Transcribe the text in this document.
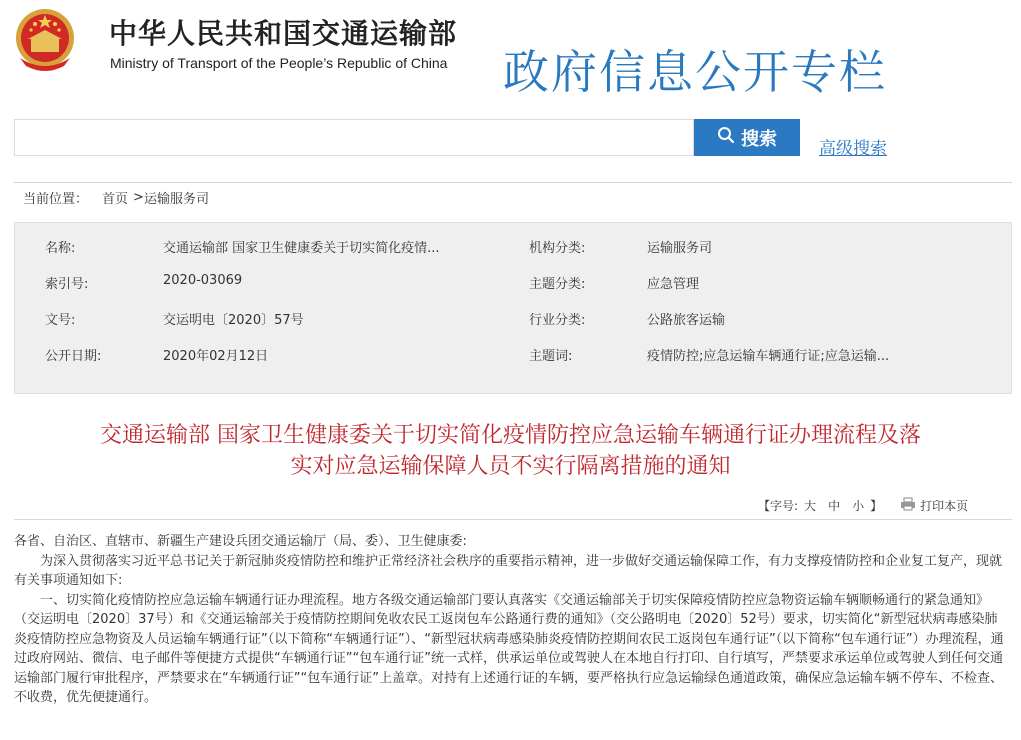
中华人民共和国交通运输部
Ministry of Transport of the People’s Republic of China 政府信息公开专栏
搜索
高级搜索
当前位置： 首页 > 运输服务司
名称:	交通运输部 国家卫生健康委关于切实简化疫情...	机构分类:	运输服务司
索引号:	2020-03069	主题分类:	应急管理
文号:	交运明电〔2020〕57号	行业分类:	公路旅客运输
公开日期:	2020年02月12日	主题词:	疫情防控;应急运输车辆通行证;应急运输...
交通运输部 国家卫生健康委关于切实简化疫情防控应急运输车辆通行证办理流程及落
实对应急运输保障人员不实行隔离措施的通知
【字号: 大 中 小 】	打印本页

各省、自治区、直辖市、新疆生产建设兵团交通运输厅（局、委）、卫生健康委:

为深入贯彻落实习近平总书记关于新冠肺炎疫情防控和维护正常经济社会秩序的重要指示精神，进一步做好交通运输保障工作，有力支撑疫情防控和企业复工复产，现就有关事项通知如下:

一、切实简化疫情防控应急运输车辆通行证办理流程。地方各级交通运输部门要认真落实《交通运输部关于切实保障疫情防控应急物资运输车辆顺畅通行的紧急通知》（交运明电〔2020〕37号）和《交通运输部关于疫情防控期间免收农民工返岗包车公路通行费的通知》（交公路明电〔2020〕52号）要求，切实简化“新型冠状病毒感染肺炎疫情防控应急物资及人员运输车辆通行证”（以下简称“车辆通行证”）、“新型冠状病毒感染肺炎疫情防控期间农民工返岗包车通行证”（以下简称“包车通行证”）办理流程，通过政府网站、微信、电子邮件等便捷方式提供“车辆通行证”“包车通行证”统一式样，供承运单位或驾驶人在本地自行打印、自行填写，严禁要求承运单位或驾驶人到任何交通运输部门履行审批程序，严禁要求在“车辆通行证”“包车通行证”上盖章。对持有上述通行证的车辆，要严格执行应急运输绿色通道政策，确保应急运输车辆不停车、不检查、不收费，优先便捷通行。
